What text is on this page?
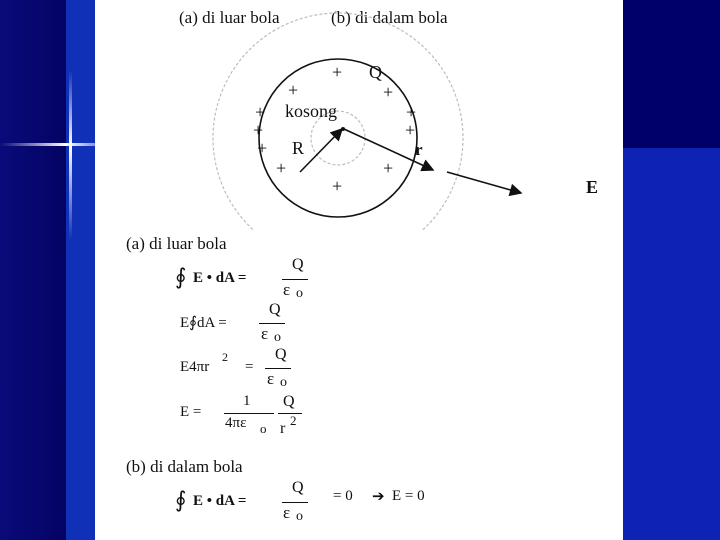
(a) di luar bola	(b) di dalam bola
+
+	+
+	+
+	+
+
+	+
+
Q
kosong
R	r
E
(a) di luar bola
∮ E • dA =
Q
ε o
E∮dA =
Q
ε o
E4πr
2
=
Q
ε o
E =
1
4πε o
Q
r 2
(b) di dalam bola
∮ E • dA =
Q
ε o
= 0 ➔ E = 0
